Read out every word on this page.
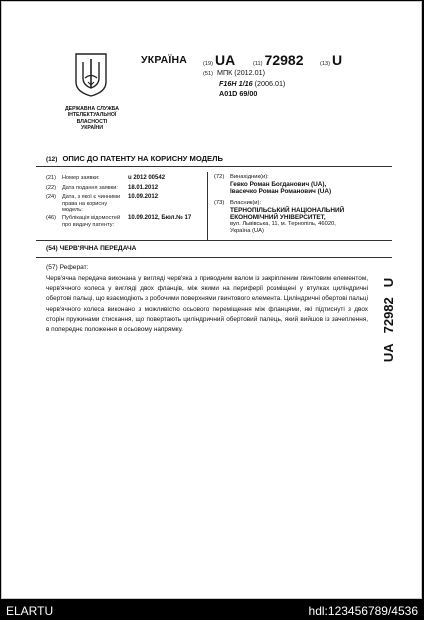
ДЕРЖАВНА СЛУЖБА
ІНТЕЛЕКТУАЛЬНОЇ
ВЛАСНОСТІ
УКРАЇНИ
УКРАЇНА	(19) UA	(11) 72982	(13) U
(51) МПК (2012.01)
F16H 1/16 (2006.01)
A01D 69/00
(12) ОПИС ДО ПАТЕНТУ НА КОРИСНУ МОДЕЛЬ
(21) Номер заявки:	u 2012 00542
(22) Дата подання заявки: 18.01.2012
(24) Дата, з якої є чинними права на корисну модель:
10.09.2012
(46) Публікація відомостей про видачу патенту:
10.09.2012, Бюл.№ 17
(72) Винахідник(и):
Гевко Роман Богданович (UA),
Івасечко Роман Романович (UA)
(73) Власник(и):
ТЕРНОПІЛЬСЬКИЙ НАЦІОНАЛЬНИЙ
ЕКОНОМІЧНИЙ УНІВЕРСИТЕТ,
вул. Львівська, 11, м. Тернопіль, 46020,
Україна (UA)
(54) ЧЕРВ'ЯЧНА ПЕРЕДАЧА
(57) Реферат:
Черв'ячна передача виконана у вигляді черв'яка з приводним валом із закріпленим гвинтовим елементом, черв'ячного колеса у вигляді двох фланців, між якими на периферії розміщені у втулках циліндричні обертові пальці, що взаємодіють з робочими поверхнями гвинтового елемента. Циліндричні обертові пальці черв'ячного колеса виконано з можливістю осьового переміщення між фланцями, які підтиснуті з двох сторін пружинами стискання, що повертають циліндричний обертовий палець, який вийшов із зачеплення, в попереднє положення в осьовому напрямку.
UA
72982
U
ELARTU	hdl:123456789/4536
